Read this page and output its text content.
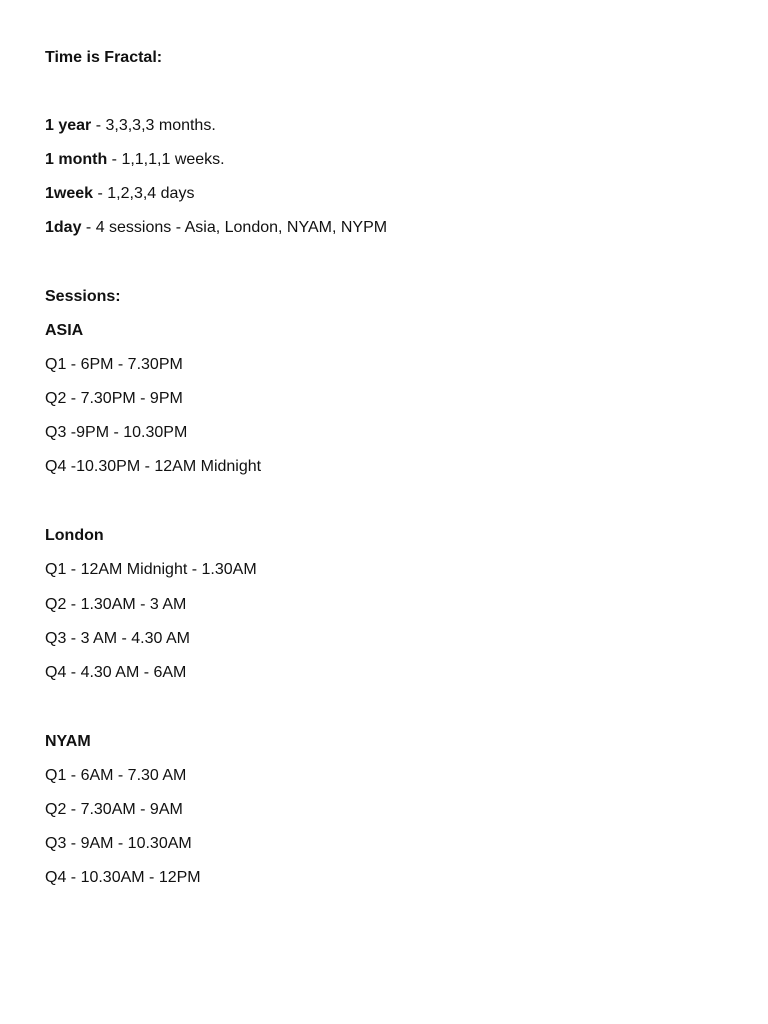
Time is Fractal:
1 year - 3,3,3,3 months.
1 month - 1,1,1,1 weeks.
1week - 1,2,3,4 days
1day - 4 sessions - Asia, London, NYAM, NYPM
Sessions:
ASIA
Q1 - 6PM - 7.30PM
Q2 - 7.30PM - 9PM
Q3 -9PM - 10.30PM
Q4 -10.30PM - 12AM Midnight
London
Q1 - 12AM Midnight - 1.30AM
Q2 - 1.30AM - 3 AM
Q3 - 3 AM - 4.30 AM
Q4 - 4.30 AM - 6AM
NYAM
Q1 - 6AM - 7.30 AM
Q2 - 7.30AM - 9AM
Q3 - 9AM - 10.30AM
Q4 - 10.30AM - 12PM
